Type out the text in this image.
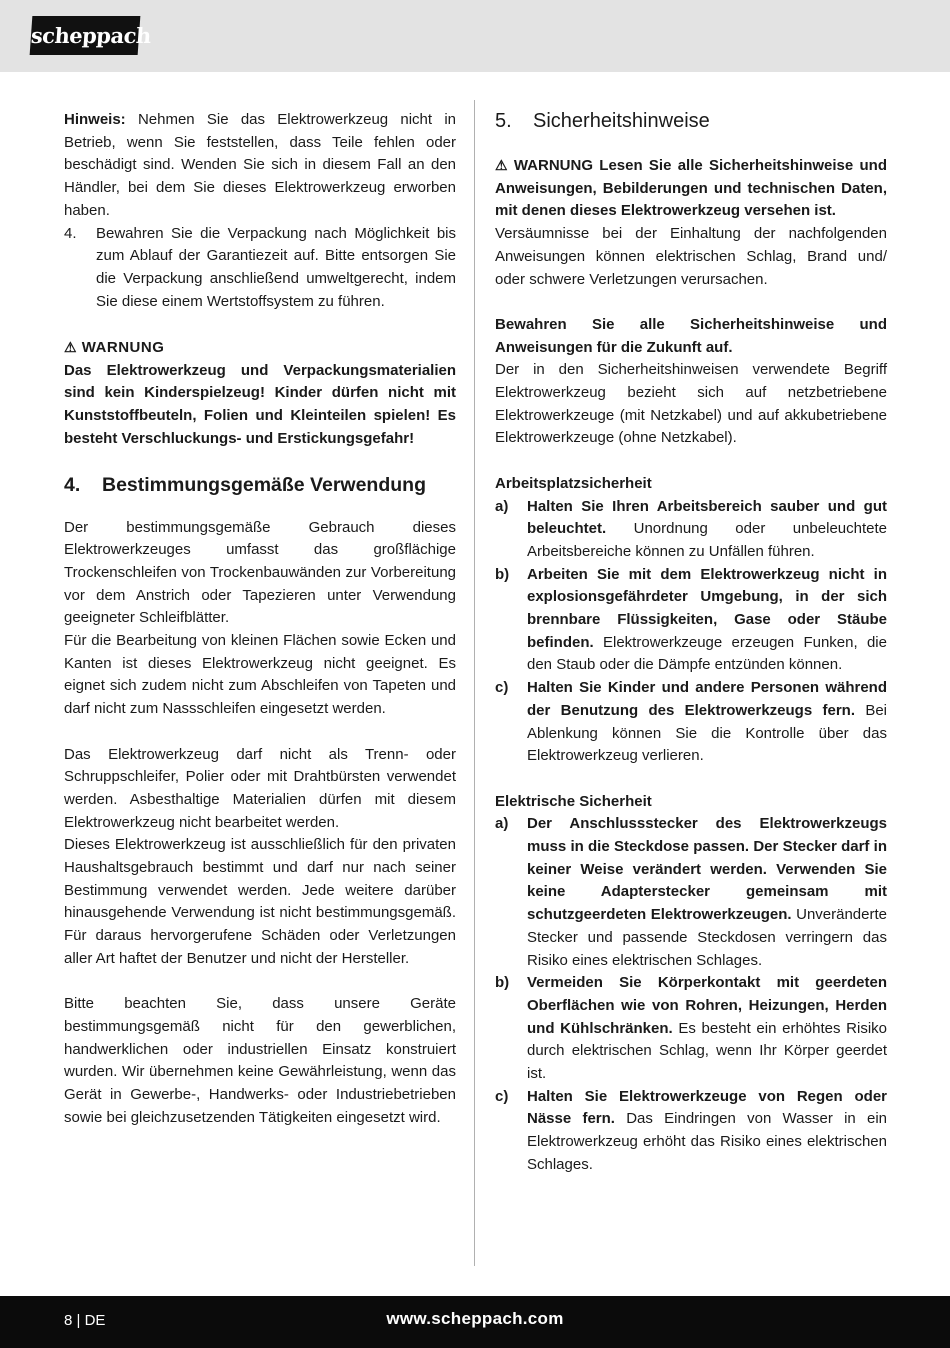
scheppach

Hinweis: Nehmen Sie das Elektrowerkzeug nicht in Betrieb, wenn Sie feststellen, dass Teile fehlen oder beschädigt sind. Wenden Sie sich in diesem Fall an den Händler, bei dem Sie dieses Elektrowerkzeug erworben haben.

4.	Bewahren Sie die Verpackung nach Möglichkeit bis zum Ablauf der Garantiezeit auf. Bitte entsorgen Sie die Verpackung anschließend umweltgerecht, indem Sie diese einem Wertstoffsystem zu führen.

⚠ WARNUNG

Das Elektrowerkzeug und Verpackungsmaterialien sind kein Kinderspielzeug! Kinder dürfen nicht mit Kunststoffbeuteln, Folien und Kleinteilen spielen! Es besteht Verschluckungs- und Erstickungsgefahr!

4.	Bestimmungsgemäße Verwendung

Der bestimmungsgemäße Gebrauch dieses Elektrowerkzeuges umfasst das großflächige Trockenschleifen von Trockenbauwänden zur Vorbereitung vor dem Anstrich oder Tapezieren unter Verwendung geeigneter Schleifblätter.

Für die Bearbeitung von kleinen Flächen sowie Ecken und Kanten ist dieses Elektrowerkzeug nicht geeignet. Es eignet sich zudem nicht zum Abschleifen von Tapeten und darf nicht zum Nassschleifen eingesetzt werden.

Das Elektrowerkzeug darf nicht als Trenn- oder Schruppschleifer, Polier oder mit Drahtbürsten verwendet werden. Asbesthaltige Materialien dürfen mit diesem Elektrowerkzeug nicht bearbeitet werden.

Dieses Elektrowerkzeug ist ausschließlich für den privaten Haushaltsgebrauch bestimmt und darf nur nach seiner Bestimmung verwendet werden. Jede weitere darüber hinausgehende Verwendung ist nicht bestimmungsgemäß. Für daraus hervorgerufene Schäden oder Verletzungen aller Art haftet der Benutzer und nicht der Hersteller.

Bitte beachten Sie, dass unsere Geräte bestimmungsgemäß nicht für den gewerblichen, handwerklichen oder industriellen Einsatz konstruiert wurden. Wir übernehmen keine Gewährleistung, wenn das Gerät in Gewerbe-, Handwerks- oder Industriebetrieben sowie bei gleichzusetzenden Tätigkeiten eingesetzt wird.

5.	Sicherheitshinweise

⚠ WARNUNG Lesen Sie alle Sicherheitshinweise und Anweisungen, Bebilderungen und technischen Daten, mit denen dieses Elektrowerkzeug versehen ist.

Versäumnisse bei der Einhaltung der nachfolgenden Anweisungen können elektrischen Schlag, Brand und/ oder schwere Verletzungen verursachen.

Bewahren Sie alle Sicherheitshinweise und Anweisungen für die Zukunft auf.

Der in den Sicherheitshinweisen verwendete Begriff Elektrowerkzeug bezieht sich auf netzbetriebene Elektrowerkzeuge (mit Netzkabel) und auf akkubetriebene Elektrowerkzeuge (ohne Netzkabel).

Arbeitsplatzsicherheit

a)	Halten Sie Ihren Arbeitsbereich sauber und gut beleuchtet. Unordnung oder unbeleuchtete Arbeitsbereiche können zu Unfällen führen.
b)	Arbeiten Sie mit dem Elektrowerkzeug nicht in explosionsgefährdeter Umgebung, in der sich brennbare Flüssigkeiten, Gase oder Stäube befinden. Elektrowerkzeuge erzeugen Funken, die den Staub oder die Dämpfe entzünden können.
c)	Halten Sie Kinder und andere Personen während der Benutzung des Elektrowerkzeugs fern. Bei Ablenkung können Sie die Kontrolle über das Elektrowerkzeug verlieren.

Elektrische Sicherheit

a)	Der Anschlussstecker des Elektrowerkzeugs muss in die Steckdose passen. Der Stecker darf in keiner Weise verändert werden. Verwenden Sie keine Adapterstecker gemeinsam mit schutzgeerdeten Elektrowerkzeugen. Unveränderte Stecker und passende Steckdosen verringern das Risiko eines elektrischen Schlages.
b)	Vermeiden Sie Körperkontakt mit geerdeten Oberflächen wie von Rohren, Heizungen, Herden und Kühlschränken. Es besteht ein erhöhtes Risiko durch elektrischen Schlag, wenn Ihr Körper geerdet ist.
c)	Halten Sie Elektrowerkzeuge von Regen oder Nässe fern. Das Eindringen von Wasser in ein Elektrowerkzeug erhöht das Risiko eines elektrischen Schlages.
8 | DE	www.scheppach.com
